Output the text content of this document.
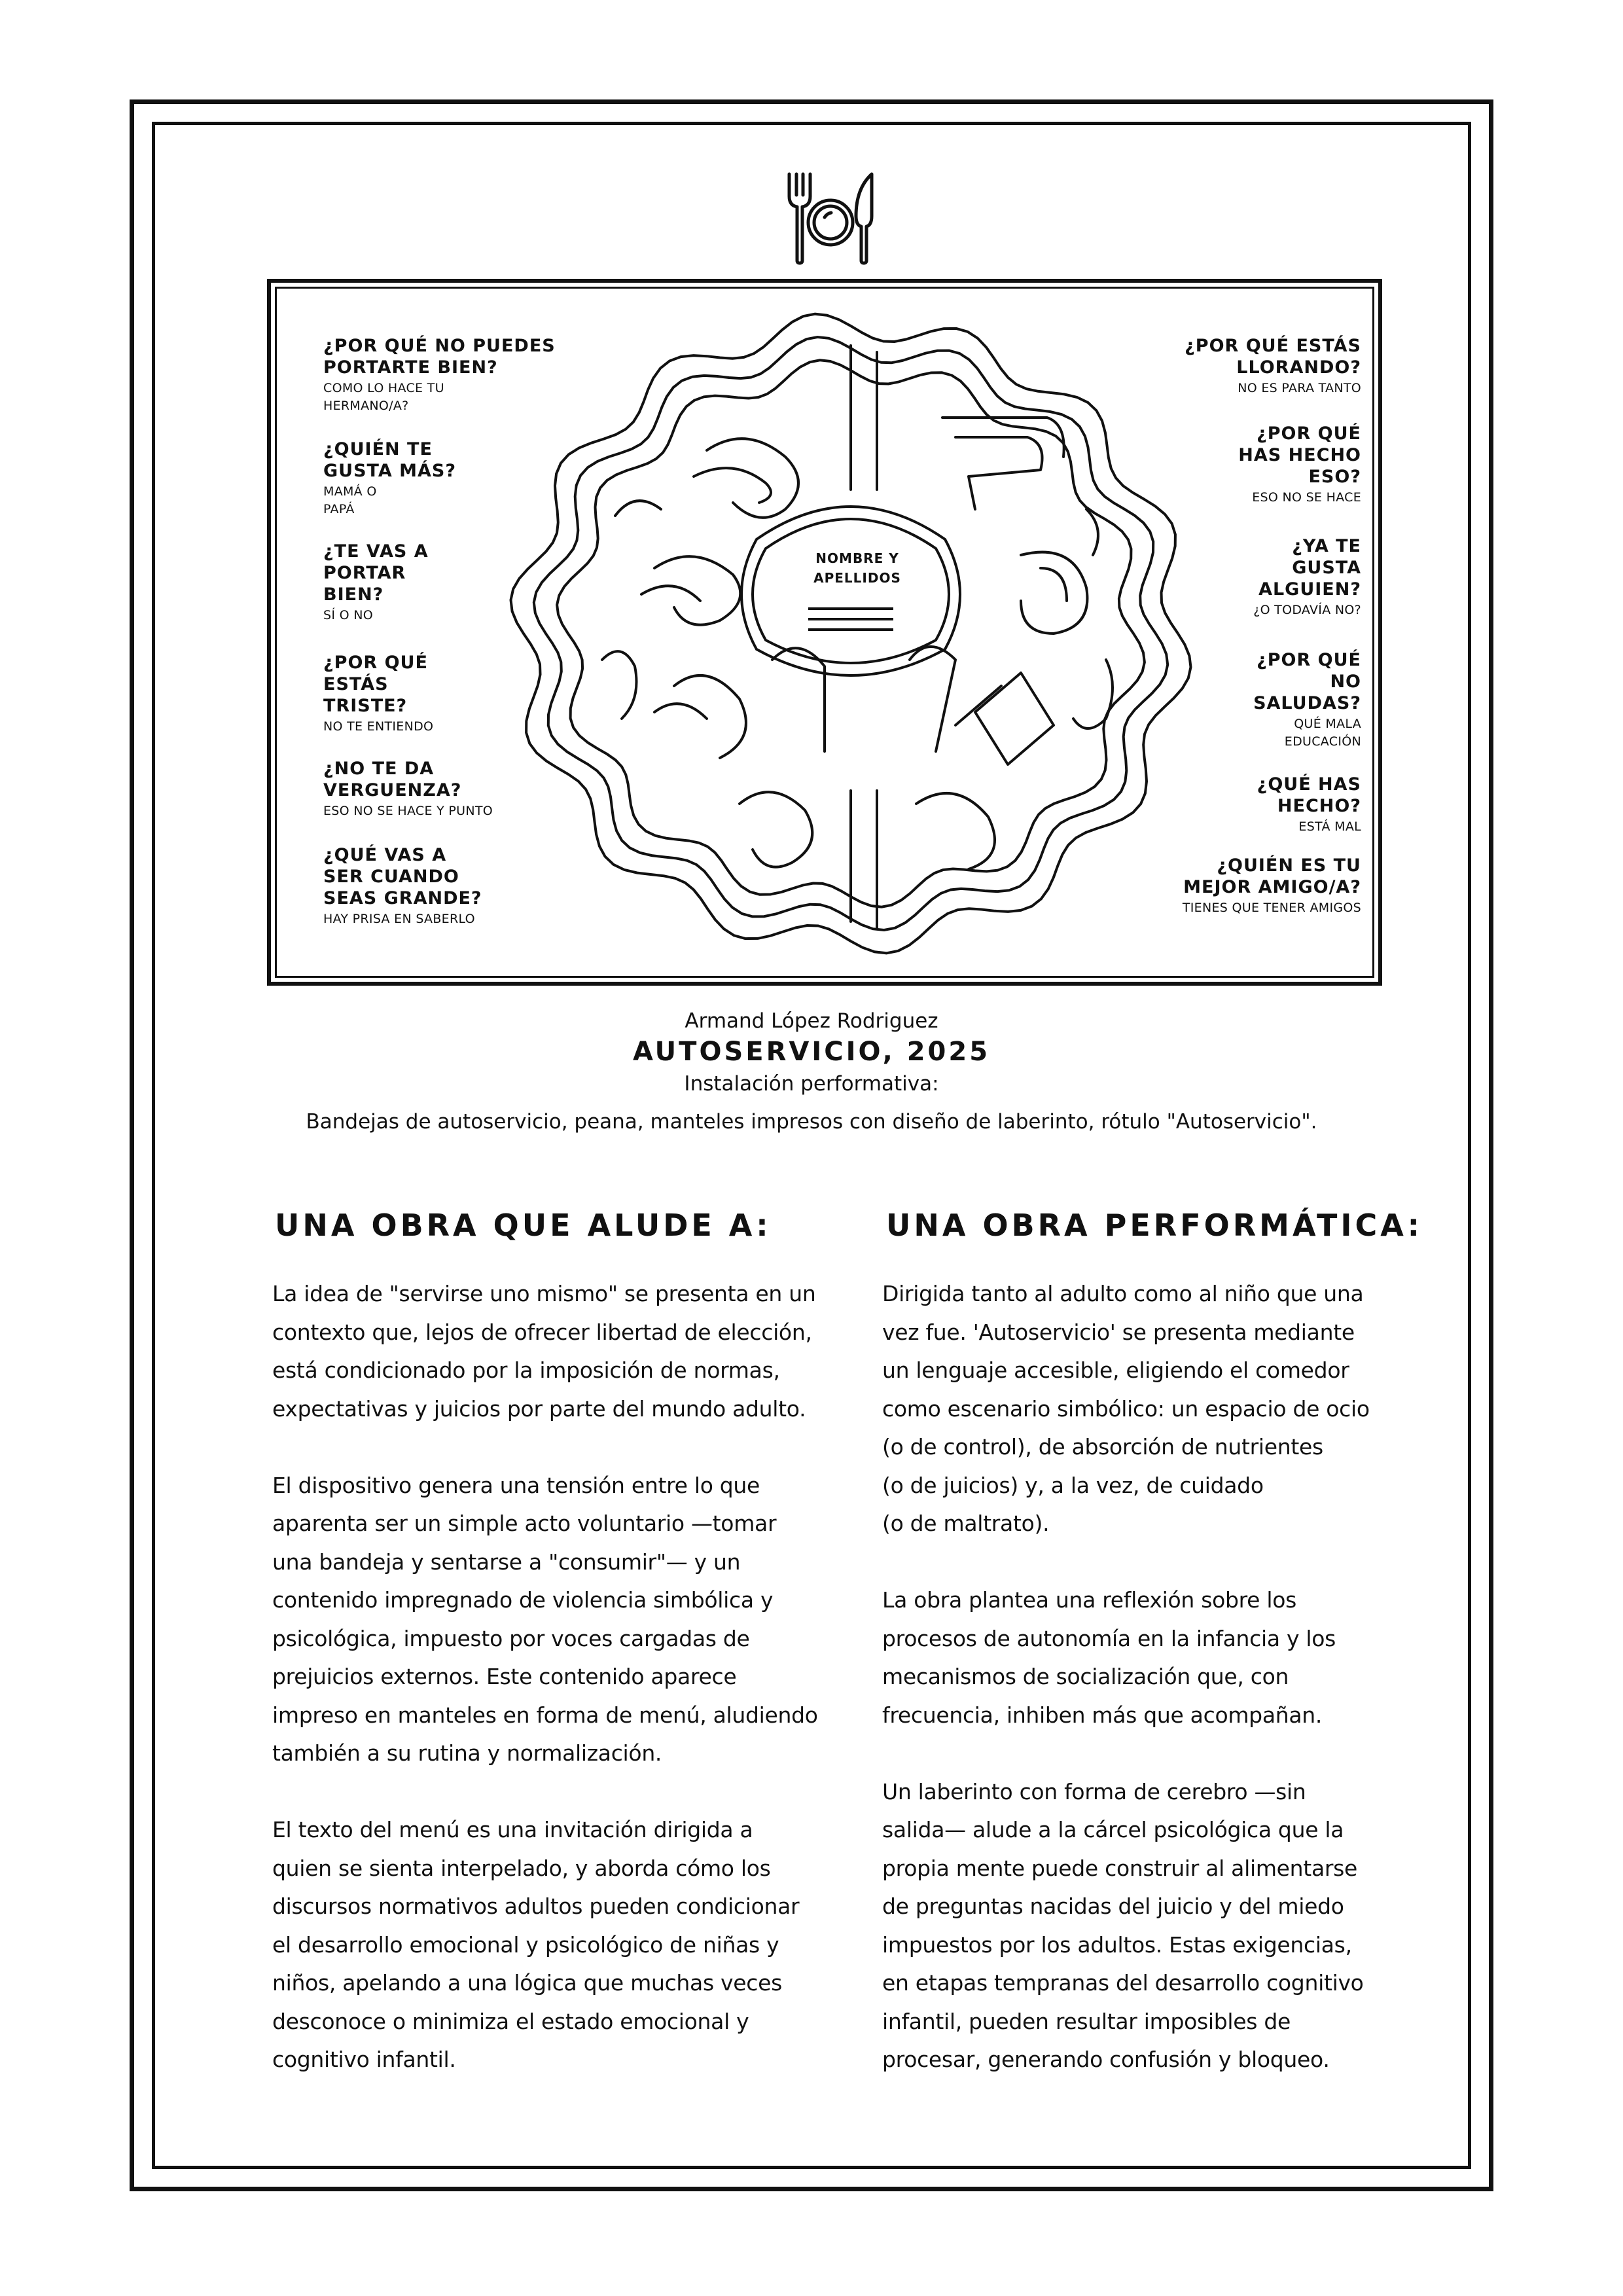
NOMBRE Y
APELLIDOS
¿POR QUÉ NO PUEDES
PORTARTE BIEN?
COMO LO HACE TU
HERMANO/A?
¿QUIÉN TE
GUSTA MÁS?
MAMÁ O
PAPÁ
¿TE VAS A
PORTAR
BIEN?
SÍ O NO
¿POR QUÉ
ESTÁS
TRISTE?
NO TE ENTIENDO
¿NO TE DA
VERGUENZA?
ESO NO SE HACE Y PUNTO
¿QUÉ VAS A
SER CUANDO
SEAS GRANDE?
HAY PRISA EN SABERLO
¿POR QUÉ ESTÁS
LLORANDO?
NO ES PARA TANTO
¿POR QUÉ
HAS HECHO
ESO?
ESO NO SE HACE
¿YA TE
GUSTA
ALGUIEN?
¿O TODAVÍA NO?
¿POR QUÉ
NO
SALUDAS?
QUÉ MALA
EDUCACIÓN
¿QUÉ HAS
HECHO?
ESTÁ MAL
¿QUIÉN ES TU
MEJOR AMIGO/A?
TIENES QUE TENER AMIGOS
Armand López Rodriguez
AUTOSERVICIO, 2025
Instalación performativa:
Bandejas de autoservicio, peana, manteles impresos con diseño de laberinto, rótulo "Autoservicio".
UNA OBRA QUE ALUDE A:	UNA OBRA PERFORMÁTICA:
La idea de "servirse uno mismo" se presenta en un
contexto que, lejos de ofrecer libertad de elección,
está condicionado por la imposición de normas,
expectativas y juicios por parte del mundo adulto.
El dispositivo genera una tensión entre lo que
aparenta ser un simple acto voluntario —tomar
una bandeja y sentarse a "consumir"— y un
contenido impregnado de violencia simbólica y
psicológica, impuesto por voces cargadas de
prejuicios externos. Este contenido aparece
impreso en manteles en forma de menú, aludiendo
también a su rutina y normalización.
El texto del menú es una invitación dirigida a
quien se sienta interpelado, y aborda cómo los
discursos normativos adultos pueden condicionar
el desarrollo emocional y psicológico de niñas y
niños, apelando a una lógica que muchas veces
desconoce o minimiza el estado emocional y
cognitivo infantil.
Dirigida tanto al adulto como al niño que una
vez fue. 'Autoservicio' se presenta mediante
un lenguaje accesible, eligiendo el comedor
como escenario simbólico: un espacio de ocio
(o de control), de absorción de nutrientes
(o de juicios) y, a la vez, de cuidado
(o de maltrato).
La obra plantea una reflexión sobre los
procesos de autonomía en la infancia y los
mecanismos de socialización que, con
frecuencia, inhiben más que acompañan.
Un laberinto con forma de cerebro —sin
salida— alude a la cárcel psicológica que la
propia mente puede construir al alimentarse
de preguntas nacidas del juicio y del miedo
impuestos por los adultos. Estas exigencias,
en etapas tempranas del desarrollo cognitivo
infantil, pueden resultar imposibles de
procesar, generando confusión y bloqueo.
